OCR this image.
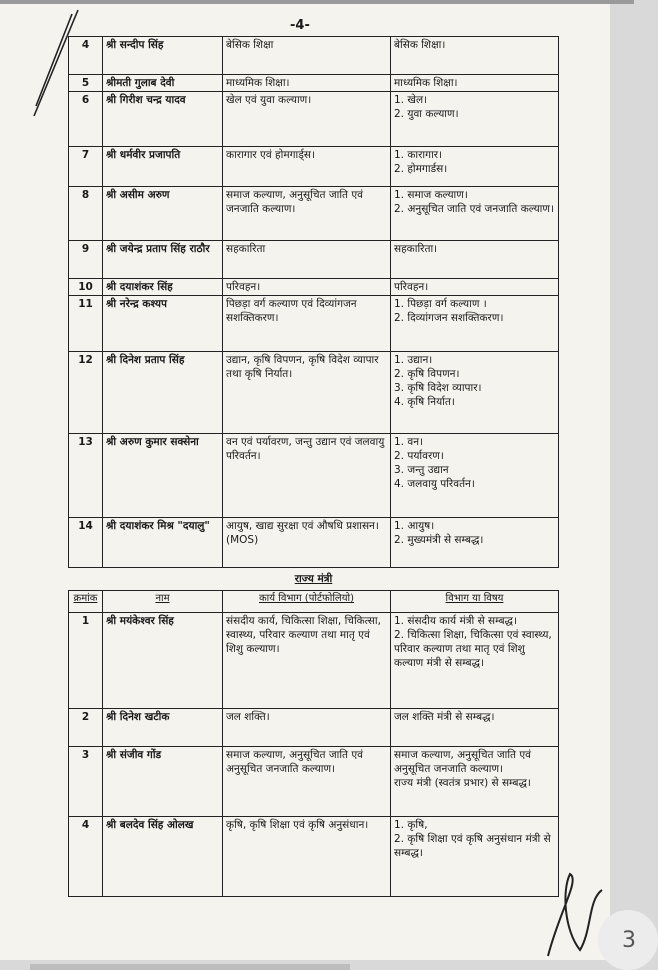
-4-
4	श्री सन्दीप सिंह	बेसिक शिक्षा	बेसिक शिक्षा।

5	श्रीमती गुलाब देवी	माध्यमिक शिक्षा।	माध्यमिक शिक्षा।

6	श्री गिरीश चन्द्र यादव	खेल एवं युवा कल्याण।	1. खेल।
2. युवा कल्याण।

7	श्री धर्मवीर प्रजापति	कारागार एवं होमगार्ड्स।	1. कारागार।
2. होमगार्डस।

8	श्री असीम अरुण	समाज कल्याण, अनुसूचित जाति एवं जनजाति कल्याण।	1. समाज कल्याण।
2. अनुसूचित जाति एवं जनजाति कल्याण।

9	श्री जयेन्द्र प्रताप सिंह राठौर	सहकारिता	सहकारिता।

10	श्री दयाशंकर सिंह	परिवहन।	परिवहन।

11	श्री नरेन्द्र कश्यप	पिछड़ा वर्ग कल्याण एवं दिव्यांगजन सशक्तिकरण।	1. पिछड़ा वर्ग कल्याण ।
2. दिव्यांगजन सशक्तिकरण।

12	श्री दिनेश प्रताप सिंह	उद्यान, कृषि विपणन, कृषि विदेश व्यापार तथा कृषि निर्यात।	1. उद्यान।
2. कृषि विपणन।
3. कृषि विदेश व्यापार।
4. कृषि निर्यात।

13	श्री अरुण कुमार सक्सेना	वन एवं पर्यावरण, जन्तु उद्यान एवं जलवायु परिवर्तन।	1. वन।
2. पर्यावरण।
3. जन्तु उद्यान
4. जलवायु परिवर्तन।

14	श्री दयाशंकर मिश्र "दयालु"	आयुष, खाद्य सुरक्षा एवं औषधि प्रशासन। (MOS)	1. आयुष।
2. मुख्यमंत्री से सम्बद्ध।

राज्य मंत्री			
क्रमांक	नाम	कार्य विभाग (पोर्टफोलियो)	विभाग या विषय
1	श्री मयंकेश्वर सिंह	संसदीय कार्य, चिकित्सा शिक्षा, चिकित्सा, स्वास्थ्य, परिवार कल्याण तथा मातृ एवं शिशु कल्याण।	1. संसदीय कार्य मंत्री से सम्बद्ध।
2. चिकित्सा शिक्षा, चिकित्सा एवं स्वास्थ्य, परिवार कल्याण तथा मातृ एवं शिशु कल्याण मंत्री से सम्बद्ध।

2	श्री दिनेश खटीक	जल शक्ति।	जल शक्ति मंत्री से सम्बद्ध।

3	श्री संजीव गोंड	समाज कल्याण, अनुसूचित जाति एवं अनुसूचित जनजाति कल्याण।	समाज कल्याण, अनुसूचित जाति एवं अनुसूचित जनजाति कल्याण।
राज्य मंत्री (स्वतंत्र प्रभार) से सम्बद्ध।

4	श्री बलदेव सिंह ओलख	कृषि, कृषि शिक्षा एवं कृषि अनुसंधान।	1. कृषि,
2. कृषि शिक्षा एवं कृषि अनुसंधान मंत्री से सम्बद्ध।
3
